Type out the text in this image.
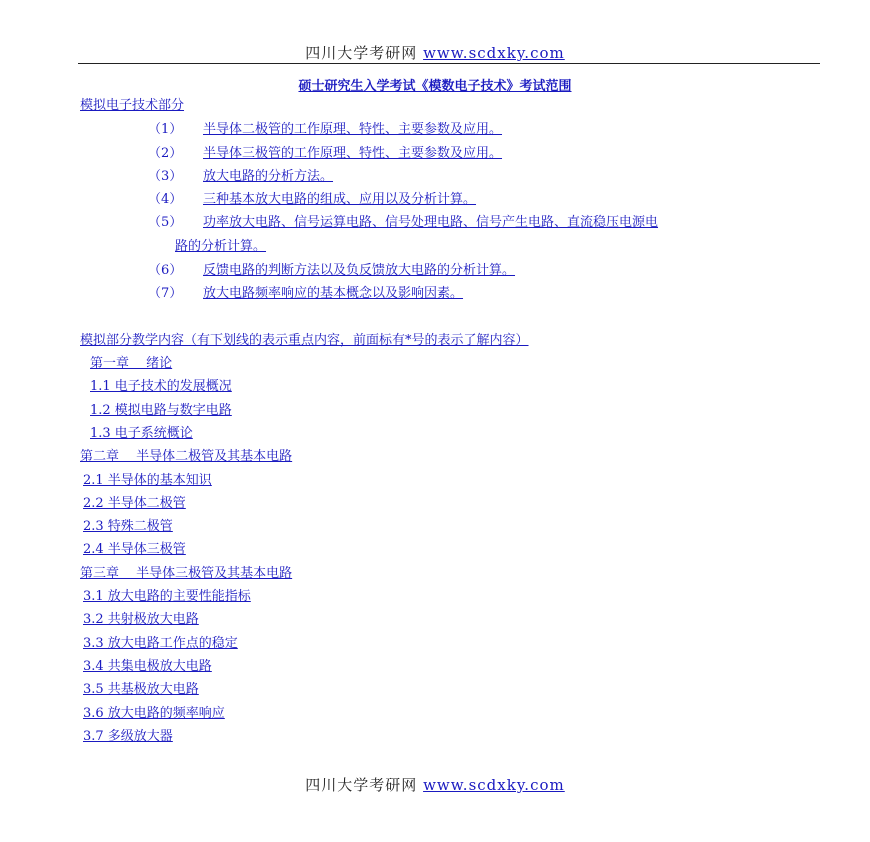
四川大学考研网 www.scdxky.com
硕士研究生入学考试《模数电子技术》考试范围
模拟电子技术部分
（1） 半导体二极管的工作原理、特性、主要参数及应用。
（2） 半导体三极管的工作原理、特性、主要参数及应用。
（3） 放大电路的分析方法。
（4） 三种基本放大电路的组成、应用以及分析计算。
（5） 功率放大电路、信号运算电路、信号处理电路、信号产生电路、直流稳压电源电
路的分析计算。
（6） 反馈电路的判断方法以及负反馈放大电路的分析计算。
（7） 放大电路频率响应的基本概念以及影响因素。
模拟部分教学内容（有下划线的表示重点内容，前面标有*号的表示了解内容）
第一章　 绪论
1.1 电子技术的发展概况
1.2 模拟电路与数字电路
1.3 电子系统概论
第二章　 半导体二极管及其基本电路
2.1 半导体的基本知识
2.2 半导体二极管
2.3 特殊二极管
2.4 半导体三极管
第三章　 半导体三极管及其基本电路
3.1 放大电路的主要性能指标
3.2 共射极放大电路
3.3 放大电路工作点的稳定
3.4 共集电极放大电路
3.5 共基极放大电路
3.6 放大电路的频率响应
3.7 多级放大器
四川大学考研网 www.scdxky.com
